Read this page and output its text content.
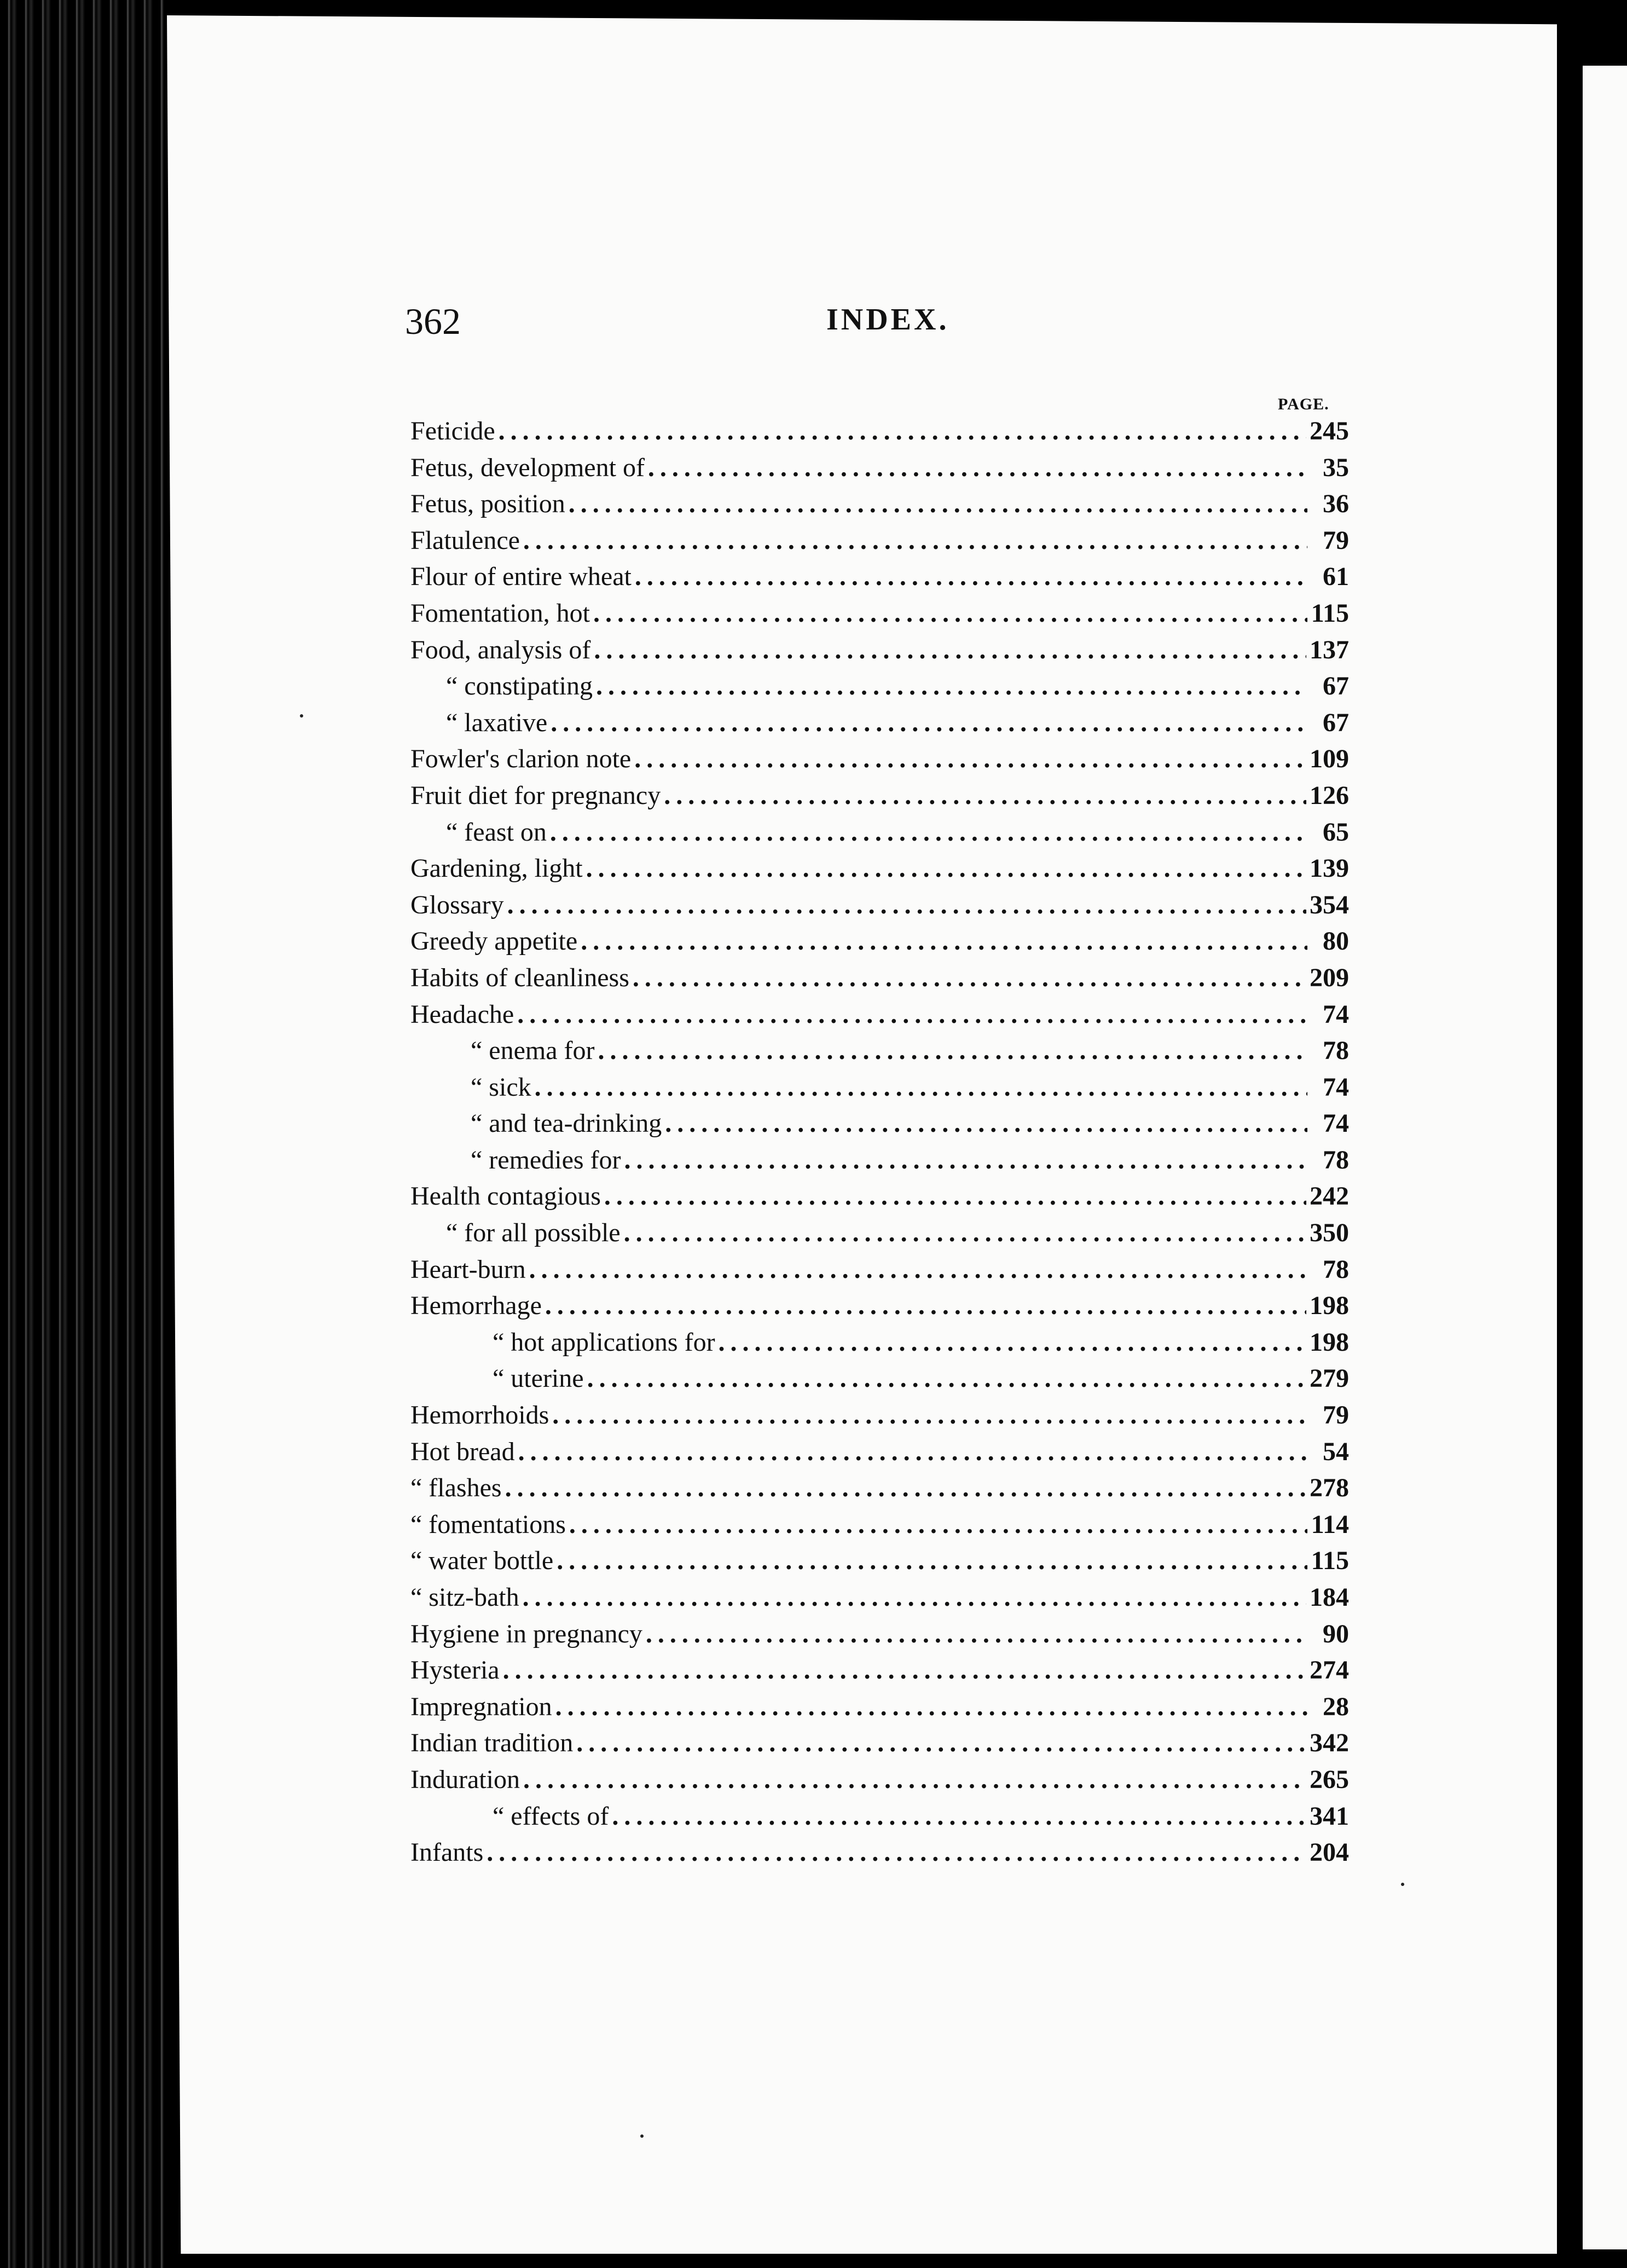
362	INDEX.
PAGE.
Feticide .....	245
Fetus, development of .....	35
Fetus, position .....	36
Flatulence .....	79
Flour of entire wheat .....	61
Fomentation, hot .....	115
Food, analysis of .....	137
“ constipating .....	67
“ laxative .....	67
Fowler's clarion note .....	109
Fruit diet for pregnancy .....	126
“ feast on .....	65
Gardening, light .....	139
Glossary .....	354
Greedy appetite .....	80
Habits of cleanliness .....	209
Headache .....	74
“ enema for .....	78
“ sick .....	74
“ and tea-drinking .....	74
“ remedies for .....	78
Health contagious .....	242
“ for all possible .....	350
Heart-burn .....	78
Hemorrhage .....	198
“ hot applications for .....	198
“ uterine .....	279
Hemorrhoids .....	79
Hot bread .....	54
“ flashes .....	278
“ fomentations .....	114
“ water bottle .....	115
“ sitz-bath .....	184
Hygiene in pregnancy .....	90
Hysteria .....	274
Impregnation .....	28
Indian tradition .....	342
Induration .....	265
“ effects of .....	341
Infants .....	204
